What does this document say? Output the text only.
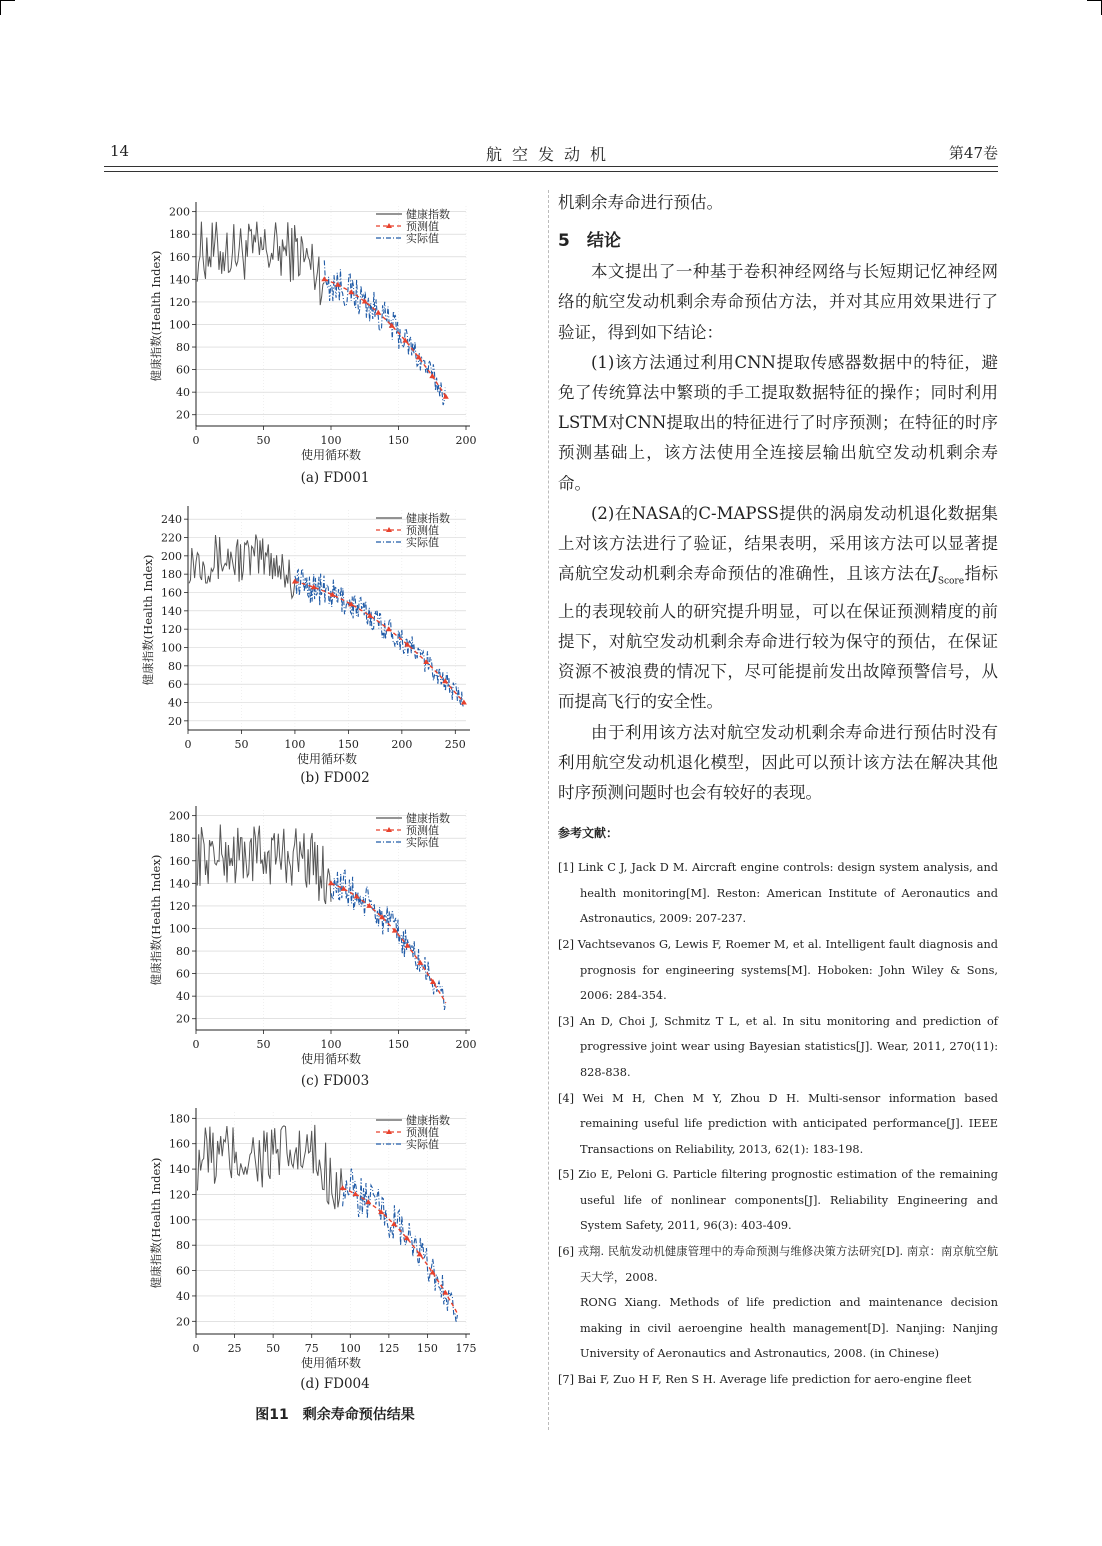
14	航空发动机	第47卷
20
40
60
80
100
120
140
160
180
200
0	50	100	150	200
使用循环数
健康指数(Health Index)
健康指数
预测值
实际值
20
40
60
80
100
120
140
160
180
200
220
240
0	50	100	150	200	250
使用循环数
健康指数(Health Index)
健康指数
预测值
实际值
20
40
60
80
100
120
140
160
180
200
0	50	100	150	200
使用循环数
健康指数(Health Index)
健康指数
预测值
实际值
20
40
60
80
100
120
140
160
180
0	25 50 75 100 125 150 175
使用循环数
健康指数(Health Index)
健康指数
预测值
实际值
(a) FD001
(b) FD002
(c) FD003
(d) FD004
图11　剩余寿命预估结果

机剩余寿命进行预估。

5　结论

本文提出了一种基于卷积神经网络与长短期记忆神经网络的航空发动机剩余寿命预估方法，并对其应用效果进行了验证，得到如下结论：

(1)该方法通过利用CNN提取传感器数据中的特征，避免了传统算法中繁琐的手工提取数据特征的操作；同时利用LSTM对CNN提取出的特征进行了时序预测；在特征的时序预测基础上，该方法使用全连接层输出航空发动机剩余寿命。

(2)在NASA的C-MAPSS提供的涡扇发动机退化数据集上对该方法进行了验证，结果表明，采用该方法可以显著提高航空发动机剩余寿命预估的准确性，且该方法在$J_{Score}$指标上的表现较前人的研究提升明显，可以在保证预测精度的前提下，对航空发动机剩余寿命进行较为保守的预估，在保证资源不被浪费的情况下，尽可能提前发出故障预警信号，从而提高飞行的安全性。

由于利用该方法对航空发动机剩余寿命进行预估时没有利用航空发动机退化模型，因此可以预计该方法在解决其他时序预测问题时也会有较好的表现。

参考文献：

[1] Link C J, Jack D M. Aircraft engine controls: design system analysis, and health monitoring[M]. Reston: American Institute of Aeronautics and Astronautics, 2009: 207-237.

[2] Vachtsevanos G, Lewis F, Roemer M, et al. Intelligent fault diagnosis and prognosis for engineering systems[M]. Hoboken: John Wiley & Sons, 2006: 284-354.

[3] An D, Choi J, Schmitz T L, et al. In situ monitoring and prediction of progressive joint wear using Bayesian statistics[J]. Wear, 2011, 270(11): 828-838.

[4] Wei M H, Chen M Y, Zhou D H. Multi-sensor information based remaining useful life prediction with anticipated performance[J]. IEEE Transactions on Reliability, 2013, 62(1): 183-198.

[5] Zio E, Peloni G. Particle filtering prognostic estimation of the remaining useful life of nonlinear components[J]. Reliability Engineering and System Safety, 2011, 96(3): 403-409.

[6] 戎翔. 民航发动机健康管理中的寿命预测与维修决策方法研究[D]. 南京：南京航空航天大学，2008.

RONG Xiang. Methods of life prediction and maintenance decision making in civil aeroengine health management[D]. Nanjing: Nanjing University of Aeronautics and Astronautics, 2008. (in Chinese)

[7] Bai F, Zuo H F, Ren S H. Average life prediction for aero-engine fleet
